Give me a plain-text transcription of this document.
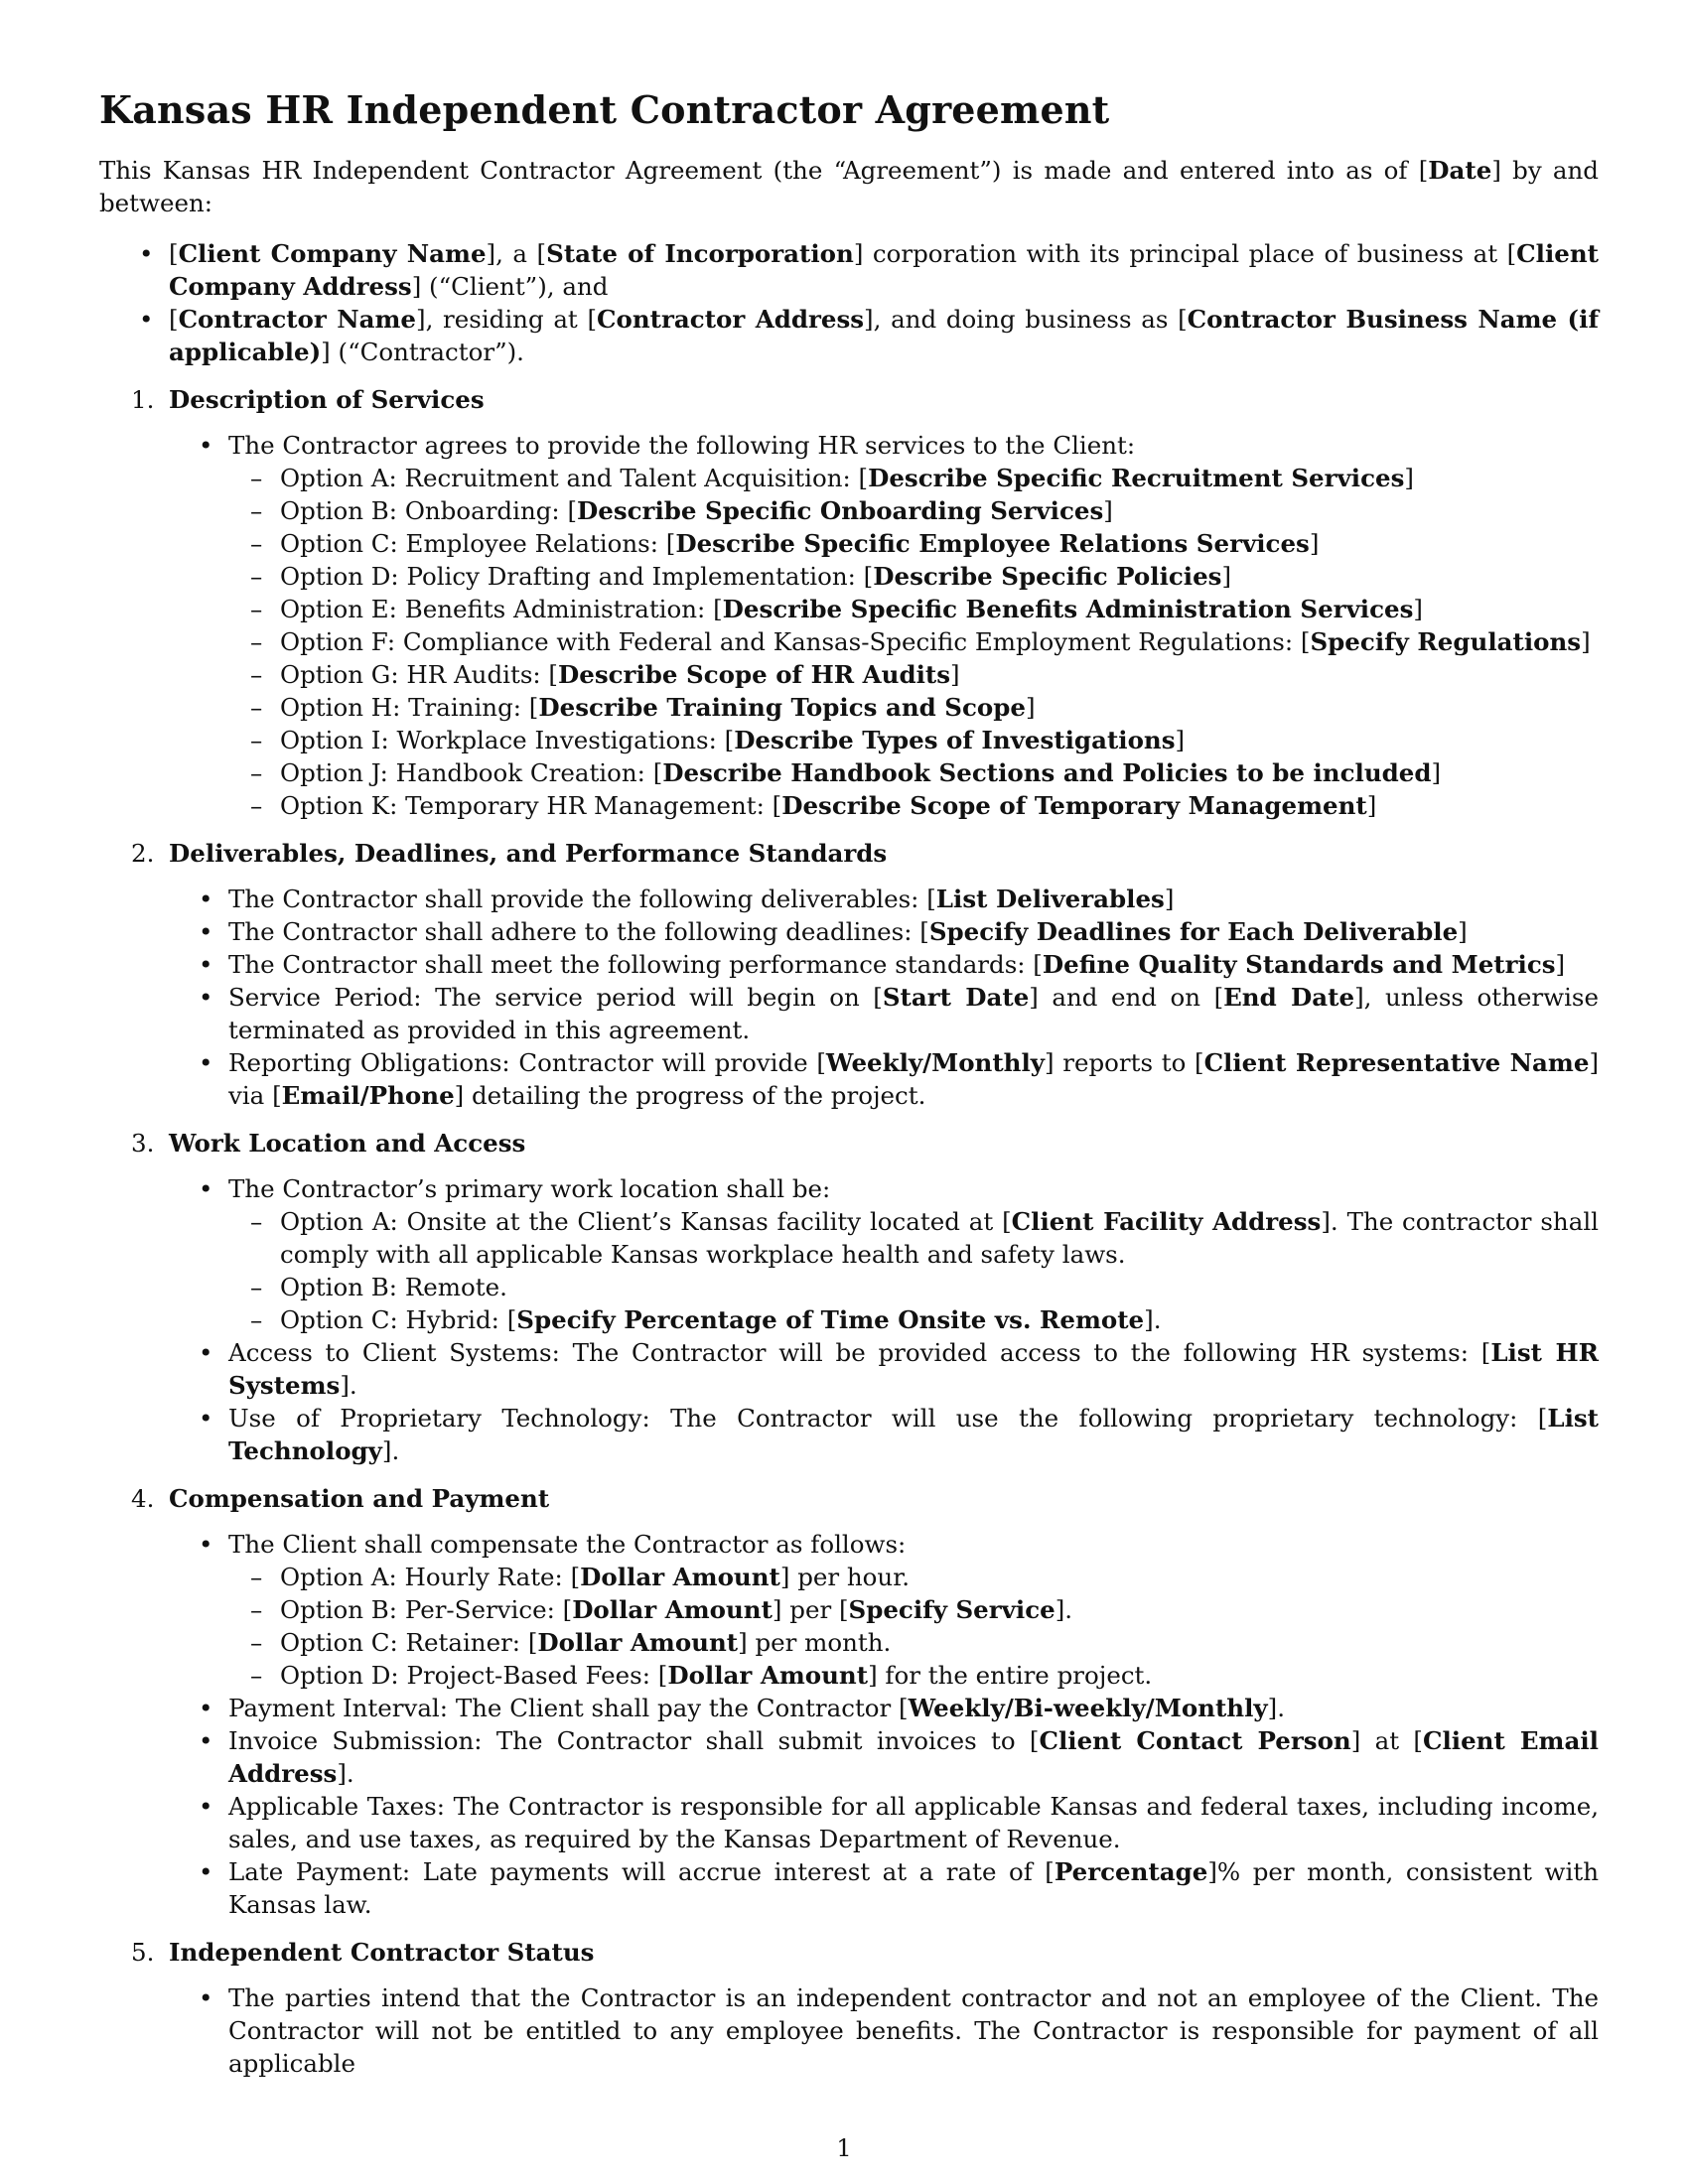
Kansas HR Independent Contractor Agreement

This Kansas HR Independent Contractor Agreement (the “Agreement”) is made and entered into as of [Date] by and between:

• [Client Company Name], a [State of Incorporation] corporation with its principal place of business at [Client Company Address] (“Client”), and
• [Contractor Name], residing at [Contractor Address], and doing business as [Contractor Business Name (if applicable)] (“Contractor”).
1. Description of Services
• The Contractor agrees to provide the following HR services to the Client:
– Option A: Recruitment and Talent Acquisition: [Describe Specific Recruitment Services]
– Option B: Onboarding: [Describe Specific Onboarding Services]
– Option C: Employee Relations: [Describe Specific Employee Relations Services]
– Option D: Policy Drafting and Implementation: [Describe Specific Policies]
– Option E: Benefits Administration: [Describe Specific Benefits Administration Services]
– Option F: Compliance with Federal and Kansas-Specific Employment Regulations: [Specify Regulations]
– Option G: HR Audits: [Describe Scope of HR Audits]
– Option H: Training: [Describe Training Topics and Scope]
– Option I: Workplace Investigations: [Describe Types of Investigations]
– Option J: Handbook Creation: [Describe Handbook Sections and Policies to be included]
– Option K: Temporary HR Management: [Describe Scope of Temporary Management]
2. Deliverables, Deadlines, and Performance Standards
• The Contractor shall provide the following deliverables: [List Deliverables]
• The Contractor shall adhere to the following deadlines: [Specify Deadlines for Each Deliverable]
• The Contractor shall meet the following performance standards: [Define Quality Standards and Metrics]
• Service Period: The service period will begin on [Start Date] and end on [End Date], unless otherwise terminated as provided in this agreement.
• Reporting Obligations: Contractor will provide [Weekly/Monthly] reports to [Client Representative Name] via [Email/Phone] detailing the progress of the project.
3. Work Location and Access
• The Contractor’s primary work location shall be:
– Option A: Onsite at the Client’s Kansas facility located at [Client Facility Address]. The contractor shall comply with all applicable Kansas workplace health and safety laws.
– Option B: Remote.
– Option C: Hybrid: [Specify Percentage of Time Onsite vs. Remote].
• Access to Client Systems: The Contractor will be provided access to the following HR systems: [List HR Systems].
• Use of Proprietary Technology: The Contractor will use the following proprietary technology: [List Technology].
4. Compensation and Payment
• The Client shall compensate the Contractor as follows:
– Option A: Hourly Rate: [Dollar Amount] per hour.
– Option B: Per-Service: [Dollar Amount] per [Specify Service].
– Option C: Retainer: [Dollar Amount] per month.
– Option D: Project-Based Fees: [Dollar Amount] for the entire project.
• Payment Interval: The Client shall pay the Contractor [Weekly/Bi-weekly/Monthly].
• Invoice Submission: The Contractor shall submit invoices to [Client Contact Person] at [Client Email Address].
• Applicable Taxes: The Contractor is responsible for all applicable Kansas and federal taxes, including income, sales, and use taxes, as required by the Kansas Department of Revenue.
• Late Payment: Late payments will accrue interest at a rate of [Percentage]% per month, consistent with Kansas law.
5. Independent Contractor Status
• The parties intend that the Contractor is an independent contractor and not an employee of the Client. The Contractor will not be entitled to any employee benefits. The Contractor is responsible for payment of all applicable
1
